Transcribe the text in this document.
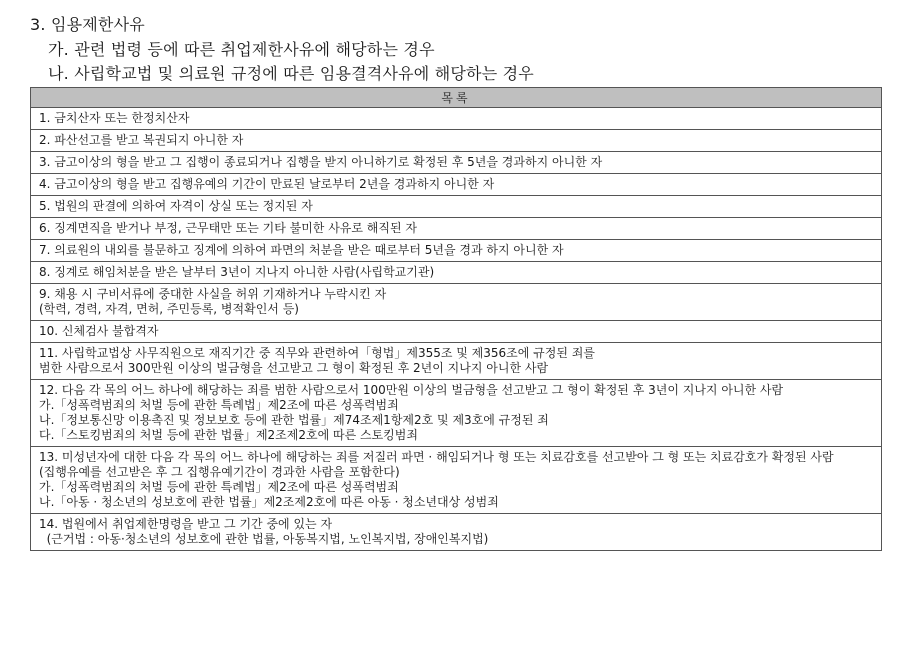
3. 임용제한사유
가. 관련 법령 등에 따른 취업제한사유에 해당하는 경우
나. 사립학교법 및 의료원 규정에 따른 임용결격사유에 해당하는 경우
목록

1. 금치산자 또는 한정치산자

2. 파산선고를 받고 복권되지 아니한 자

3. 금고이상의 형을 받고 그 집행이 종료되거나 집행을 받지 아니하기로 확정된 후 5년을 경과하지 아니한 자

4. 금고이상의 형을 받고 집행유예의 기간이 만료된 날로부터 2년을 경과하지 아니한 자

5. 법원의 판결에 의하여 자격이 상실 또는 정지된 자

6. 징계면직을 받거나 부정, 근무태만 또는 기타 불미한 사유로 해직된 자

7. 의료원의 내외를 불문하고 징계에 의하여 파면의 처분을 받은 때로부터 5년을 경과 하지 아니한 자

8. 징계로 해임처분을 받은 날부터 3년이 지나지 아니한 사람(사립학교기관)

9. 채용 시 구비서류에 중대한 사실을 허위 기재하거나 누락시킨 자
(학력, 경력, 자격, 면허, 주민등록, 병적확인서 등)

10. 신체검사 불합격자

11. 사립학교법상 사무직원으로 재직기간 중 직무와 관련하여「형법」제355조 및 제356조에 규정된 죄를
범한 사람으로서 300만원 이상의 벌금형을 선고받고 그 형이 확정된 후 2년이 지나지 아니한 사람

12. 다음 각 목의 어느 하나에 해당하는 죄를 범한 사람으로서 100만원 이상의 벌금형을 선고받고 그 형이 확정된 후 3년이 지나지 아니한 사람
가.「성폭력범죄의 처벌 등에 관한 특례법」제2조에 따른 성폭력범죄
나.「정보통신망 이용촉진 및 정보보호 등에 관한 법률」제74조제1항제2호 및 제3호에 규정된 죄
다.「스토킹범죄의 처벌 등에 관한 법률」제2조제2호에 따른 스토킹범죄

13. 미성년자에 대한 다음 각 목의 어느 하나에 해당하는 죄를 저질러 파면 · 해임되거나 형 또는 치료감호를 선고받아 그 형 또는 치료감호가 확정된 사람
(집행유예를 선고받은 후 그 집행유예기간이 경과한 사람을 포함한다)
가.「성폭력범죄의 처벌 등에 관한 특례법」제2조에 따른 성폭력범죄
나.「아동 · 청소년의 성보호에 관한 법률」제2조제2호에 따른 아동 · 청소년대상 성범죄

14. 법원에서 취업제한명령을 받고 그 기간 중에 있는 자
(근거법 : 아동·청소년의 성보호에 관한 법률, 아동복지법, 노인복지법, 장애인복지법)
